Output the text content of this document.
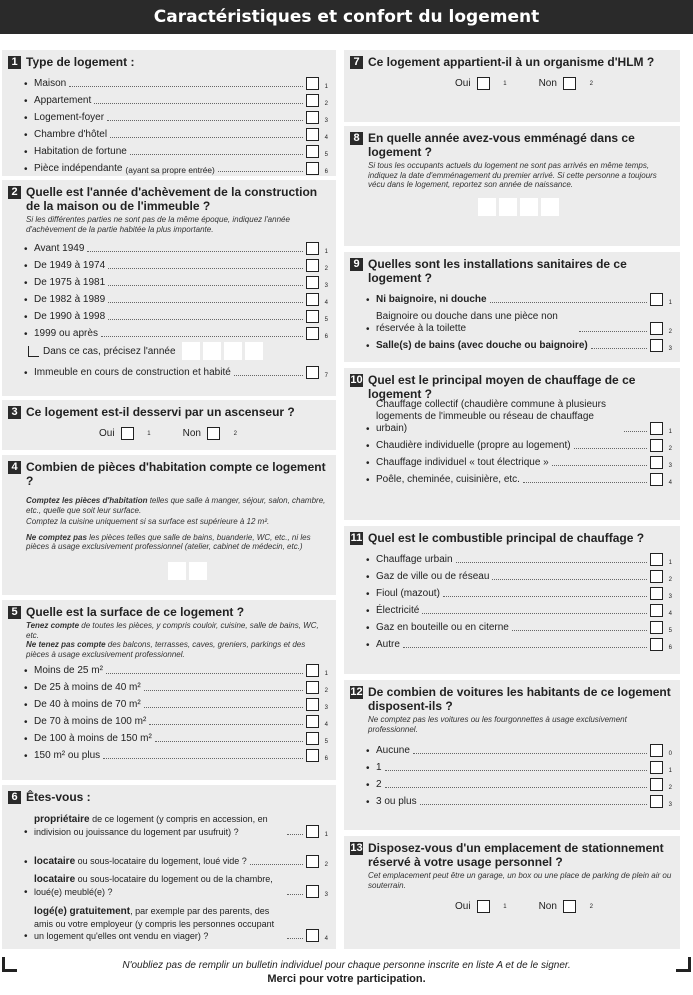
Caractéristiques et confort du logement
1 Type de logement :
• Maison	1
• Appartement	2
• Logement-foyer	3
• Chambre d'hôtel	4
• Habitation de fortune	5
• Pièce indépendante (ayant sa propre entrée)	6
2 Quelle est l'année d'achèvement de la construction de la maison ou de l'immeuble ?
Si les différentes parties ne sont pas de la même époque, indiquez l'année d'achèvement de la partie habitée la plus importante.
• Avant 1949	1
• De 1949 à 1974	2
• De 1975 à 1981	3
• De 1982 à 1989	4
• De 1990 à 1998	5
• 1999 ou après	6
Dans ce cas, précisez l'année
• Immeuble en cours de construction et habité	7
3 Ce logement est-il desservi par un ascenseur ?
Oui	1	Non	2
4 Combien de pièces d'habitation compte ce logement ?
Comptez les pièces d'habitation telles que salle à manger, séjour, salon, chambre, etc., quelle que soit leur surface.
Comptez la cuisine uniquement si sa surface est supérieure à 12 m².
Ne comptez pas les pièces telles que salle de bains, buanderie, WC, etc., ni les pièces à usage exclusivement professionnel (atelier, cabinet de médecin, etc.)
5 Quelle est la surface de ce logement ?
Tenez compte de toutes les pièces, y compris couloir, cuisine, salle de bains, WC, etc.
Ne tenez pas compte des balcons, terrasses, caves, greniers, parkings et des pièces à usage exclusivement professionnel.
• Moins de 25 m²	1
• De 25 à moins de 40 m²	2
• De 40 à moins de 70 m²	3
• De 70 à moins de 100 m²	4
• De 100 à moins de 150 m²	5
• 150 m² ou plus	6
6 Êtes-vous :
•
propriétaire de ce logement (y compris en accession, en indivision ou jouissance du logement par usufruit) ?	1
• locataire ou sous-locataire du logement, loué vide ?	2
•
locataire ou sous-locataire du logement ou de la chambre, loué(e) meublé(e) ?	3
•
logé(e) gratuitement, par exemple par des parents, des amis ou votre employeur (y compris les personnes occupant un logement qu'elles ont vendu en viager) ?	4
7 Ce logement appartient-il à un organisme d'HLM ?
Oui	1	Non	2
8 En quelle année avez-vous emménagé dans ce logement ?
Si tous les occupants actuels du logement ne sont pas arrivés en même temps, indiquez la date d'emménagement du premier arrivé. Si cette personne a toujours vécu dans le logement, reportez son année de naissance.
9 Quelles sont les installations sanitaires de ce logement ?
• Ni baignoire, ni douche	1
•
Baignoire ou douche dans une pièce non réservée à la toilette	2
• Salle(s) de bains (avec douche ou baignoire)	3
10 Quel est le principal moyen de chauffage de ce logement ?
•
Chauffage collectif (chaudière commune à plusieurs logements de l'immeuble ou réseau de chauffage urbain)	1
• Chaudière individuelle (propre au logement)	2
• Chauffage individuel « tout électrique »	3
• Poêle, cheminée, cuisinière, etc.	4
11 Quel est le combustible principal de chauffage ?
• Chauffage urbain	1
• Gaz de ville ou de réseau	2
• Fioul (mazout)	3
• Électricité	4
• Gaz en bouteille ou en citerne	5
• Autre	6
12 De combien de voitures les habitants de ce logement disposent-ils ?
Ne comptez pas les voitures ou les fourgonnettes à usage exclusivement professionnel.
• Aucune	0
• 1	1
• 2	2
• 3 ou plus	3
13 Disposez-vous d'un emplacement de stationnement réservé à votre usage personnel ?
Cet emplacement peut être un garage, un box ou une place de parking de plein air ou souterrain.
Oui	1	Non	2
N'oubliez pas de remplir un bulletin individuel pour chaque personne inscrite en liste A et de le signer.
Merci pour votre participation.
